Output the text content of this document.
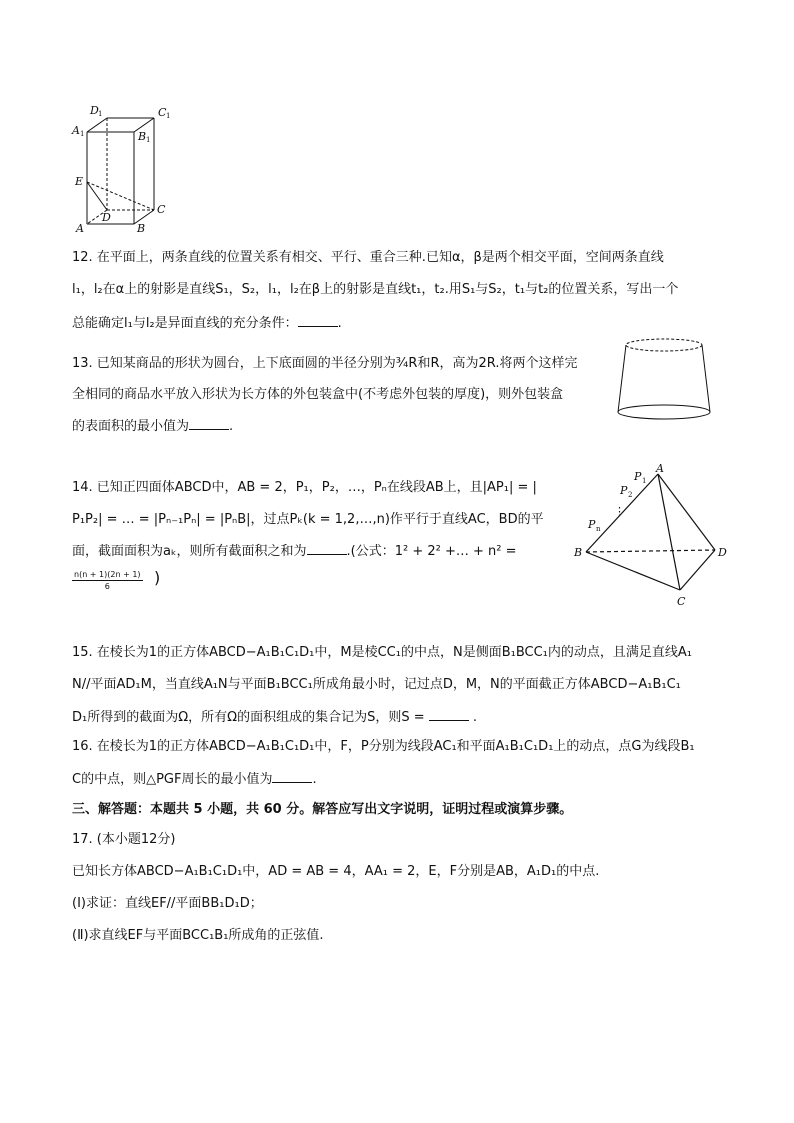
D 1	C 1
A 1	B 1
E
D
C
A	B
12. 在平面上，两条直线的位置关系有相交、平行、重合三种.已知α，β是两个相交平面，空间两条直线
l₁，l₂在α上的射影是直线S₁，S₂，l₁，l₂在β上的射影是直线t₁，t₂.用S₁与S₂，t₁与t₂的位置关系，写出一个
总能确定l₁与l₂是异面直线的充分条件：	.
13. 已知某商品的形状为圆台，上下底面圆的半径分别为¾R和R，高为2R.将两个这样完
全相同的商品水平放入形状为长方体的外包装盒中(不考虑外包装的厚度)，则外包装盒
的表面积的最小值为	.
⋮
A
P 1
P 2
P n
B	D
C
14. 已知正四面体ABCD中，AB = 2，P₁，P₂，…，Pₙ在线段AB上，且|AP₁| = |
P₁P₂| = … = |Pₙ₋₁Pₙ| = |PₙB|，过点Pₖ(k = 1,2,…,n)作平行于直线AC，BD的平
面，截面面积为aₖ，则所有截面积之和为	.(公式：1² + 2² +… + n² =
$\frac{n(n + 1)(2n + 1)}{6}$ )
15. 在棱长为1的正方体ABCD−A₁B₁C₁D₁中，M是棱CC₁的中点，N是侧面B₁BCC₁内的动点，且满足直线A₁
N//平面AD₁M，当直线A₁N与平面B₁BCC₁所成角最小时，记过点D，M，N的平面截正方体ABCD−A₁B₁C₁
D₁所得到的截面为Ω，所有Ω的面积组成的集合记为S，则S =	.
16. 在棱长为1的正方体ABCD−A₁B₁C₁D₁中，F，P分别为线段AC₁和平面A₁B₁C₁D₁上的动点，点G为线段B₁
C的中点，则△PGF周长的最小值为	.
三、解答题：本题共 5 小题，共 60 分。解答应写出文字说明，证明过程或演算步骤。
17. (本小题12分)
已知长方体ABCD−A₁B₁C₁D₁中，AD = AB = 4，AA₁ = 2，E，F分别是AB，A₁D₁的中点.
(Ⅰ)求证：直线EF//平面BB₁D₁D；
(Ⅱ)求直线EF与平面BCC₁B₁所成角的正弦值.
